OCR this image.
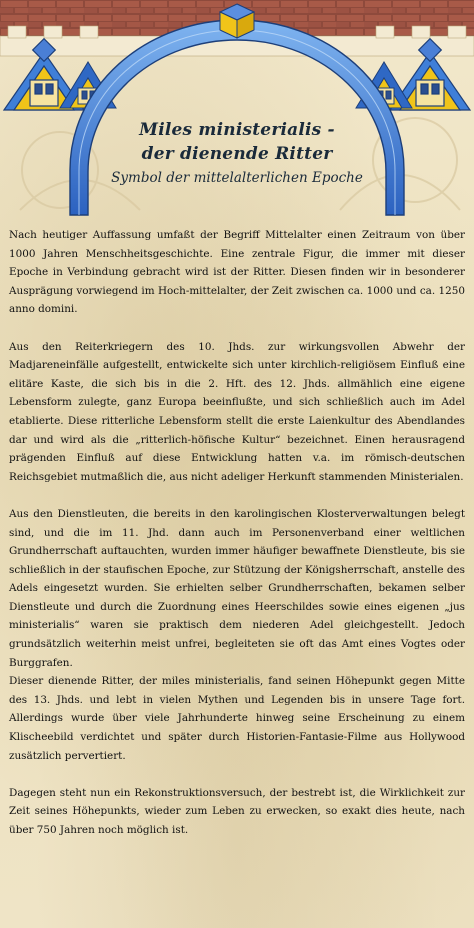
Miles ministerialis -
der dienende Ritter
Symbol der mittelalterlichen Epoche

Nach heutiger Auffassung umfaßt der Begriff Mittelalter einen Zeitraum von über 1000 Jahren Menschheitsgeschichte. Eine zentrale Figur, die immer mit dieser Epoche in Verbindung gebracht wird ist der Ritter. Diesen finden wir in besonderer Ausprägung vorwiegend im Hoch-mittelalter, der Zeit zwischen ca. 1000 und ca. 1250 anno domini.

Aus den Reiterkriegern des 10. Jhds. zur wirkungsvollen Abwehr der Madjareneinfälle aufgestellt, entwickelte sich unter kirchlich-religiösem Einfluß eine elitäre Kaste, die sich bis in die 2. Hft. des 12. Jhds. allmählich eine eigene Lebensform zulegte, ganz Europa beeinflußte, und sich schließlich auch im Adel etablierte. Diese ritterliche Lebensform stellt die erste Laienkultur des Abendlandes dar und wird als die „ritterlich-höfische Kultur“ bezeichnet. Einen herausragend prägenden Einfluß auf diese Entwicklung hatten v.a. im römisch-deutschen Reichsgebiet mutmaßlich die, aus nicht adeliger Herkunft stammenden Ministerialen.

Aus den Dienstleuten, die bereits in den karolingischen Klosterverwaltungen belegt sind, und die im 11. Jhd. dann auch im Personenverband einer weltlichen Grundherrschaft auftauchten, wurden immer häufiger bewaffnete Dienstleute, bis sie schließlich in der staufischen Epoche, zur Stützung der Königsherrschaft, anstelle des Adels eingesetzt wurden. Sie erhielten selber Grundherrschaften, bekamen selber Dienstleute und durch die Zuordnung eines Heerschildes sowie eines eigenen „jus ministerialis“ waren sie praktisch dem niederen Adel gleichgestellt. Jedoch grundsätzlich weiterhin meist unfrei, begleiteten sie oft das Amt eines Vogtes oder Burggrafen.

Dieser dienende Ritter, der miles ministerialis, fand seinen Höhepunkt gegen Mitte des 13. Jhds. und lebt in vielen Mythen und Legenden bis in unsere Tage fort. Allerdings wurde über viele Jahrhunderte hinweg seine Erscheinung zu einem Klischeebild verdichtet und später durch Historien-Fantasie-Filme aus Hollywood zusätzlich pervertiert.

Dagegen steht nun ein Rekonstruktionsversuch, der bestrebt ist, die Wirklichkeit zur Zeit seines Höhepunkts, wieder zum Leben zu erwecken, so exakt dies heute, nach über 750 Jahren noch möglich ist.
